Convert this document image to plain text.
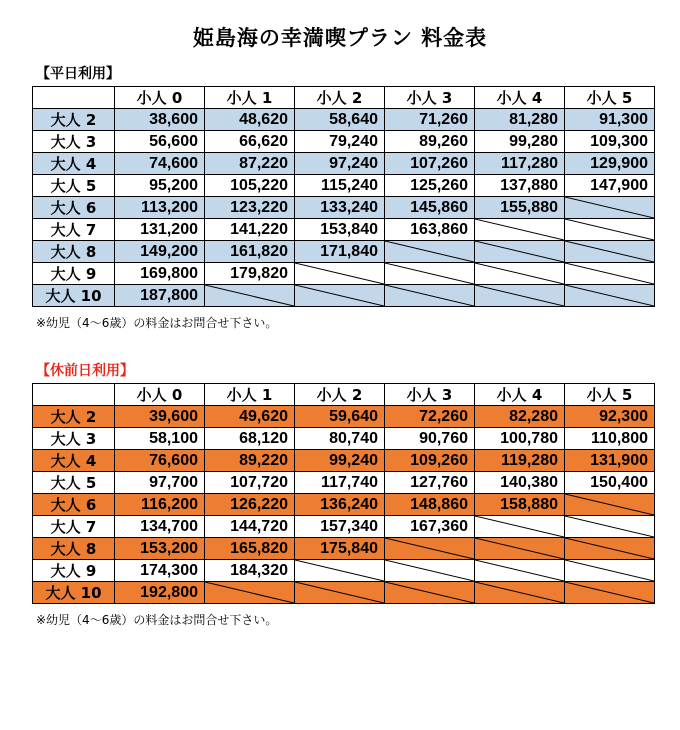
姫島海の幸満喫プラン 料金表
【平日利用】
	小人 0	小人 1	小人 2	小人 3	小人 4	小人 5
大人 2	38,600	48,620	58,640	71,260	81,280	91,300
大人 3	56,600	66,620	79,240	89,260	99,280	109,300
大人 4	74,600	87,220	97,240	107,260	117,280	129,900
大人 5	95,200	105,220	115,240	125,260	137,880	147,900
大人 6	113,200	123,220	133,240	145,860	155,880	

大人 7	131,200	141,220	153,840	163,860	

大人 8	149,200	161,820	171,840	

大人 9	169,800	179,820	

大人 10	187,800	

※幼児（4～6歳）の料金はお問合せ下さい。
【休前日利用】
	小人 0	小人 1	小人 2	小人 3	小人 4	小人 5
大人 2	39,600	49,620	59,640	72,260	82,280	92,300
大人 3	58,100	68,120	80,740	90,760	100,780	110,800
大人 4	76,600	89,220	99,240	109,260	119,280	131,900
大人 5	97,700	107,720	117,740	127,760	140,380	150,400
大人 6	116,200	126,220	136,240	148,860	158,880	

大人 7	134,700	144,720	157,340	167,360	

大人 8	153,200	165,820	175,840	

大人 9	174,300	184,320	

大人 10	192,800	

※幼児（4～6歳）の料金はお問合せ下さい。
